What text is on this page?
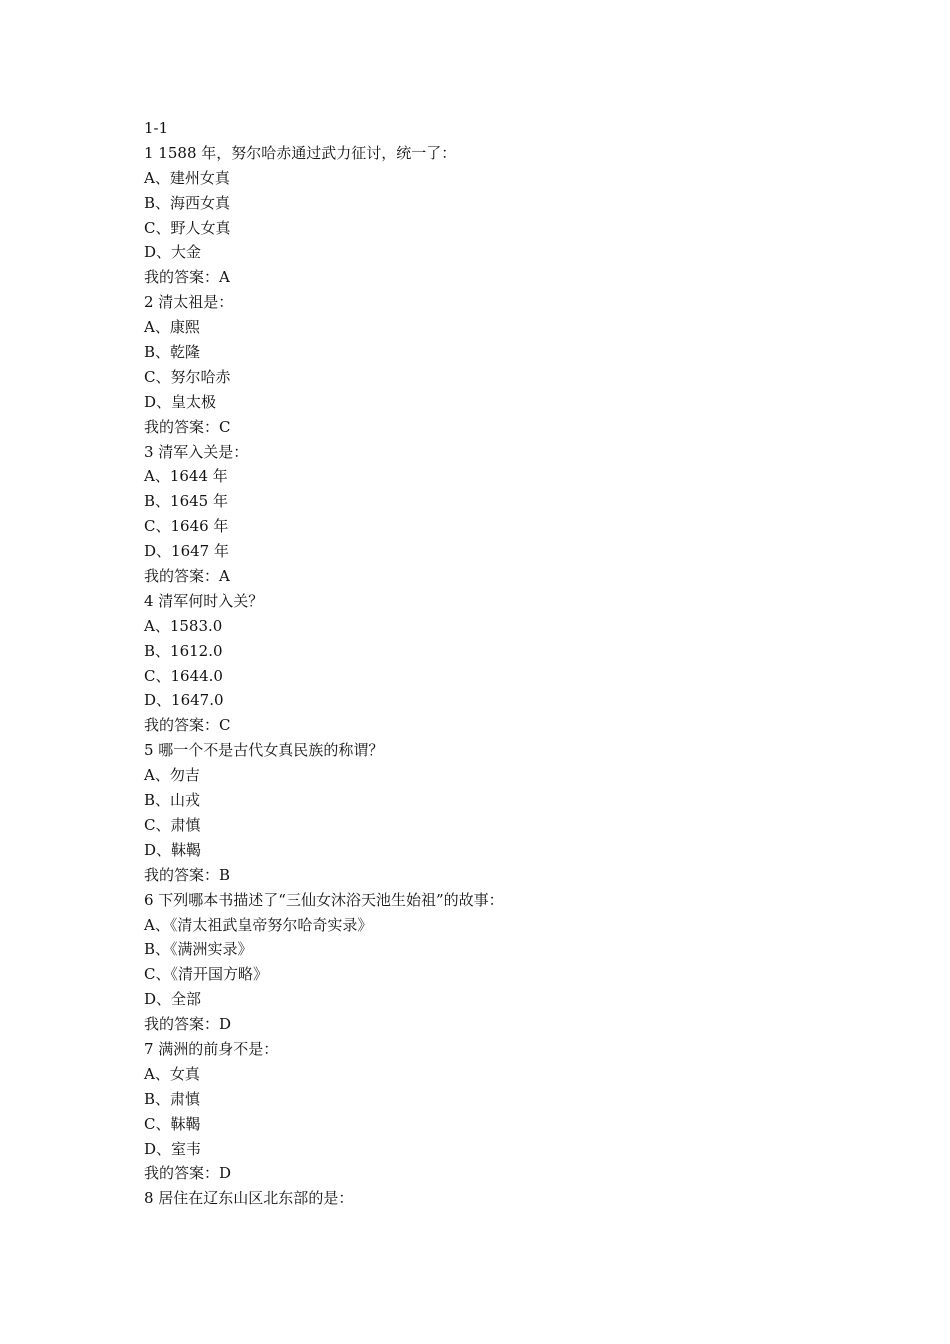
1-1
1 1588 年，努尔哈赤通过武力征讨，统一了：
A、建州女真
B、海西女真
C、野人女真
D、大金
我的答案：A
2 清太祖是：
A、康熙
B、乾隆
C、努尔哈赤
D、皇太极
我的答案：C
3 清军入关是：
A、1644 年
B、1645 年
C、1646 年
D、1647 年
我的答案：A
4 清军何时入关？
A、1583.0
B、1612.0
C、1644.0
D、1647.0
我的答案：C
5 哪一个不是古代女真民族的称谓？
A、勿吉
B、山戎
C、肃慎
D、靺鞨
我的答案：B
6 下列哪本书描述了“三仙女沐浴天池生始祖”的故事：
A、《清太祖武皇帝努尔哈奇实录》
B、《满洲实录》
C、《清开国方略》
D、全部
我的答案：D
7 满洲的前身不是：
A、女真
B、肃慎
C、靺鞨
D、室韦
我的答案：D
8 居住在辽东山区北东部的是：
